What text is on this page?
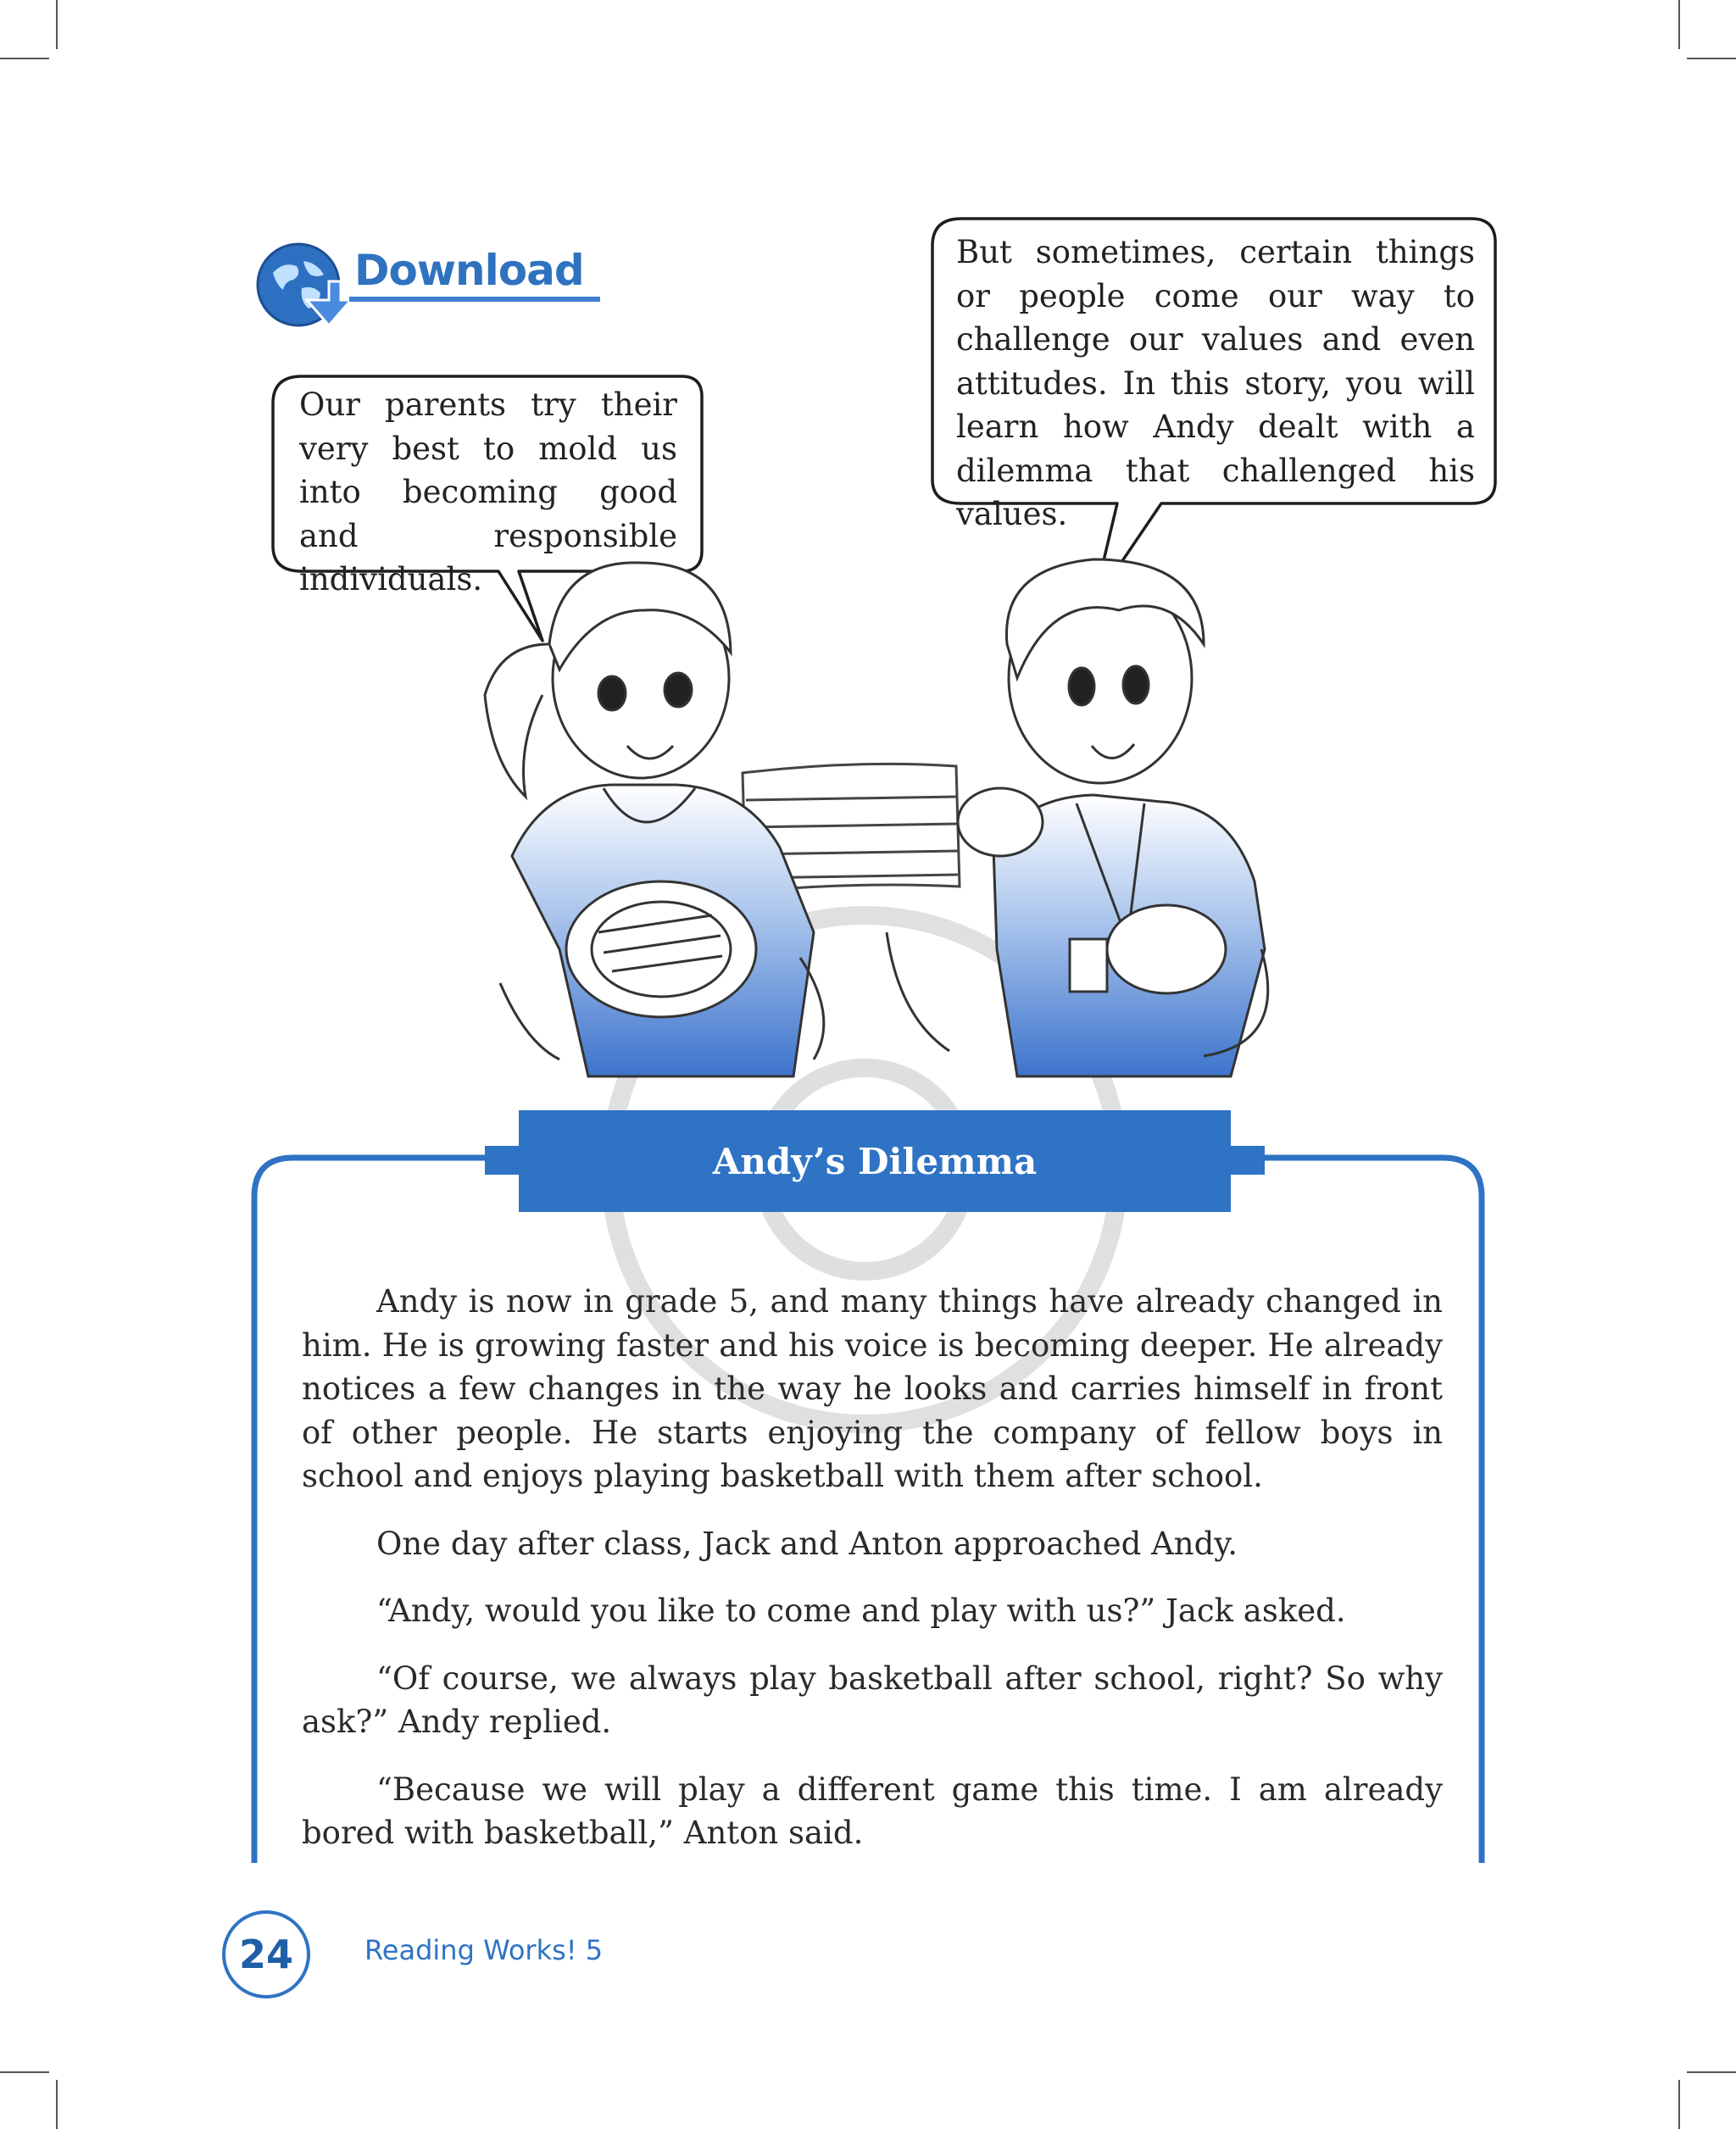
Download

Our parents try their very best to mold us into becoming good and responsible individuals.

But sometimes, certain things or people come our way to challenge our values and even attitudes. In this story, you will learn how Andy dealt with a dilemma that challenged his values.

Andy’s Dilemma

Andy is now in grade 5, and many things have already changed in him. He is growing faster and his voice is becoming deeper. He already notices a few changes in the way he looks and carries himself in front of other people. He starts enjoying the company of fellow boys in school and enjoys playing basketball with them after school.

One day after class, Jack and Anton approached Andy.

“Andy, would you like to come and play with us?” Jack asked.

“Of course, we always play basketball after school, right? So why ask?” Andy replied.

“Because we will play a different game this time. I am already bored with basketball,” Anton said.

24	Reading Works! 5
